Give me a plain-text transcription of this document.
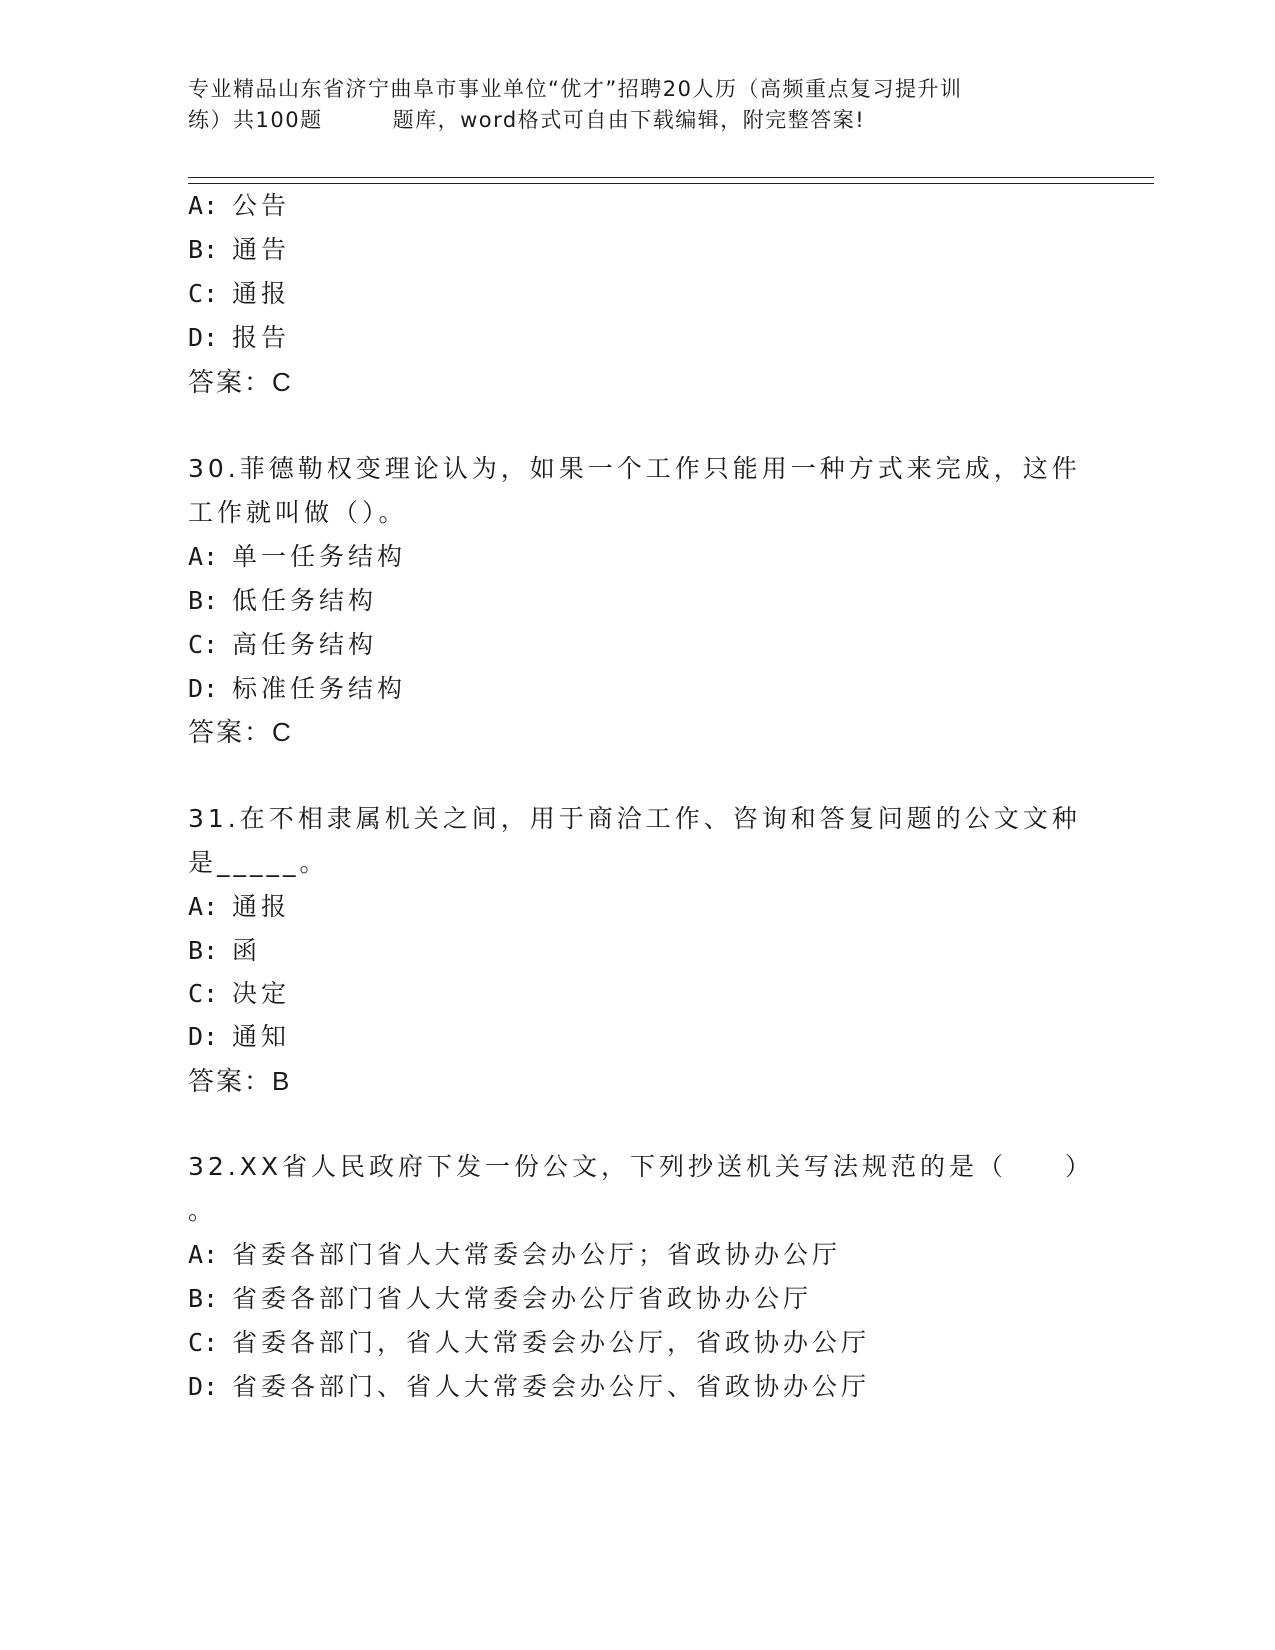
专业精品山东省济宁曲阜市事业单位“优才”招聘20人历（高频重点复习提升训
练）共100题	题库，word格式可自由下载编辑，附完整答案!
A: 公告
B: 通告
C: 通报
D: 报告
答案：C
30.菲德勒权变理论认为，如果一个工作只能用一种方式来完成，这件
工作就叫做（）。
A: 单一任务结构
B: 低任务结构
C: 高任务结构
D: 标准任务结构
答案：C
31.在不相隶属机关之间，用于商洽工作、咨询和答复问题的公文文种
是_____。
A: 通报
B: 函
C: 决定
D: 通知
答案：B
32.XX省人民政府下发一份公文，下列抄送机关写法规范的是（　　）
。
A: 省委各部门省人大常委会办公厅；省政协办公厅
B: 省委各部门省人大常委会办公厅省政协办公厅
C: 省委各部门，省人大常委会办公厅，省政协办公厅
D: 省委各部门、省人大常委会办公厅、省政协办公厅
